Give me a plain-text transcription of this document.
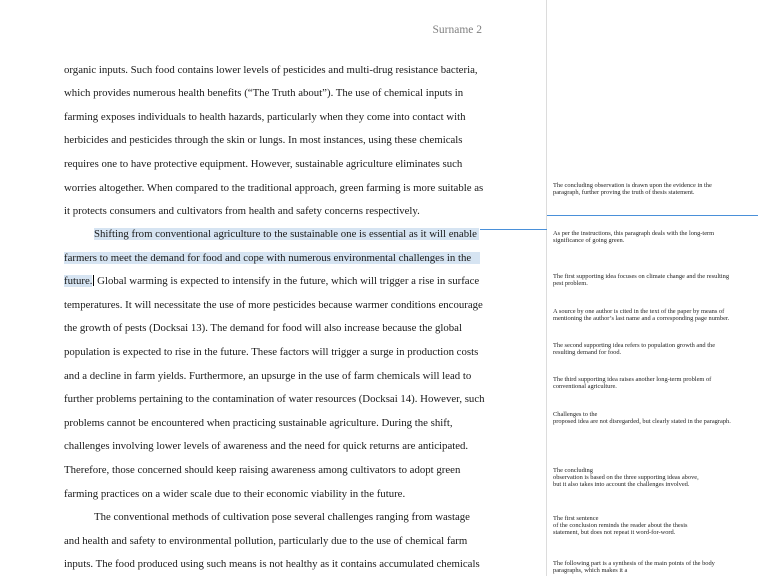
Surname 2
organic inputs. Such food contains lower levels of pesticides and multi-drug resistance bacteria,
which provides numerous health benefits (“The Truth about”). The use of chemical inputs in
farming exposes individuals to health hazards, particularly when they come into contact with
herbicides and pesticides through the skin or lungs. In most instances, using these chemicals
requires one to have protective equipment. However, sustainable agriculture eliminates such
worries altogether. When compared to the traditional approach, green farming is more suitable as
it protects consumers and cultivators from health and safety concerns respectively.
Shifting from conventional agriculture to the sustainable one is essential as it will enable
farmers to meet the demand for food and cope with numerous environmental challenges in the
future. Global warming is expected to intensify in the future, which will trigger a rise in surface
temperatures. It will necessitate the use of more pesticides because warmer conditions encourage
the growth of pests (Docksai 13). The demand for food will also increase because the global
population is expected to rise in the future. These factors will trigger a surge in production costs
and a decline in farm yields. Furthermore, an upsurge in the use of farm chemicals will lead to
further problems pertaining to the contamination of water resources (Docksai 14). However, such
problems cannot be encountered when practicing sustainable agriculture. During the shift,
challenges involving lower levels of awareness and the need for quick returns are anticipated.
Therefore, those concerned should keep raising awareness among cultivators to adopt green
farming practices on a wider scale due to their economic viability in the future.
The conventional methods of cultivation pose several challenges ranging from wastage
and health and safety to environmental pollution, particularly due to the use of chemical farm
inputs. The food produced using such means is not healthy as it contains accumulated chemicals
The concluding observation is drawn upon the evidence in the
paragraph, further proving the truth of thesis statement.
As per the instructions, this paragraph deals with the long-term
significance of going green.
The first supporting idea focuses on climate change and the resulting
pest problem.
A source by one author is cited in the text of the paper by means of
mentioning the author’s last name and a corresponding page number.
The second supporting idea refers to population growth and the
resulting demand for food.
The third supporting idea raises another long-term problem of
conventional agriculture.
Challenges to the
proposed idea are not disregarded, but clearly stated in the paragraph.
The concluding
observation is based on the three supporting ideas above,
but it also takes into account the challenges involved.
The first sentence
of the conclusion reminds the reader about the thesis
statement, but does not repeat it word-for-word.
The following part is a synthesis of the main points of the body
paragraphs, which makes it a
